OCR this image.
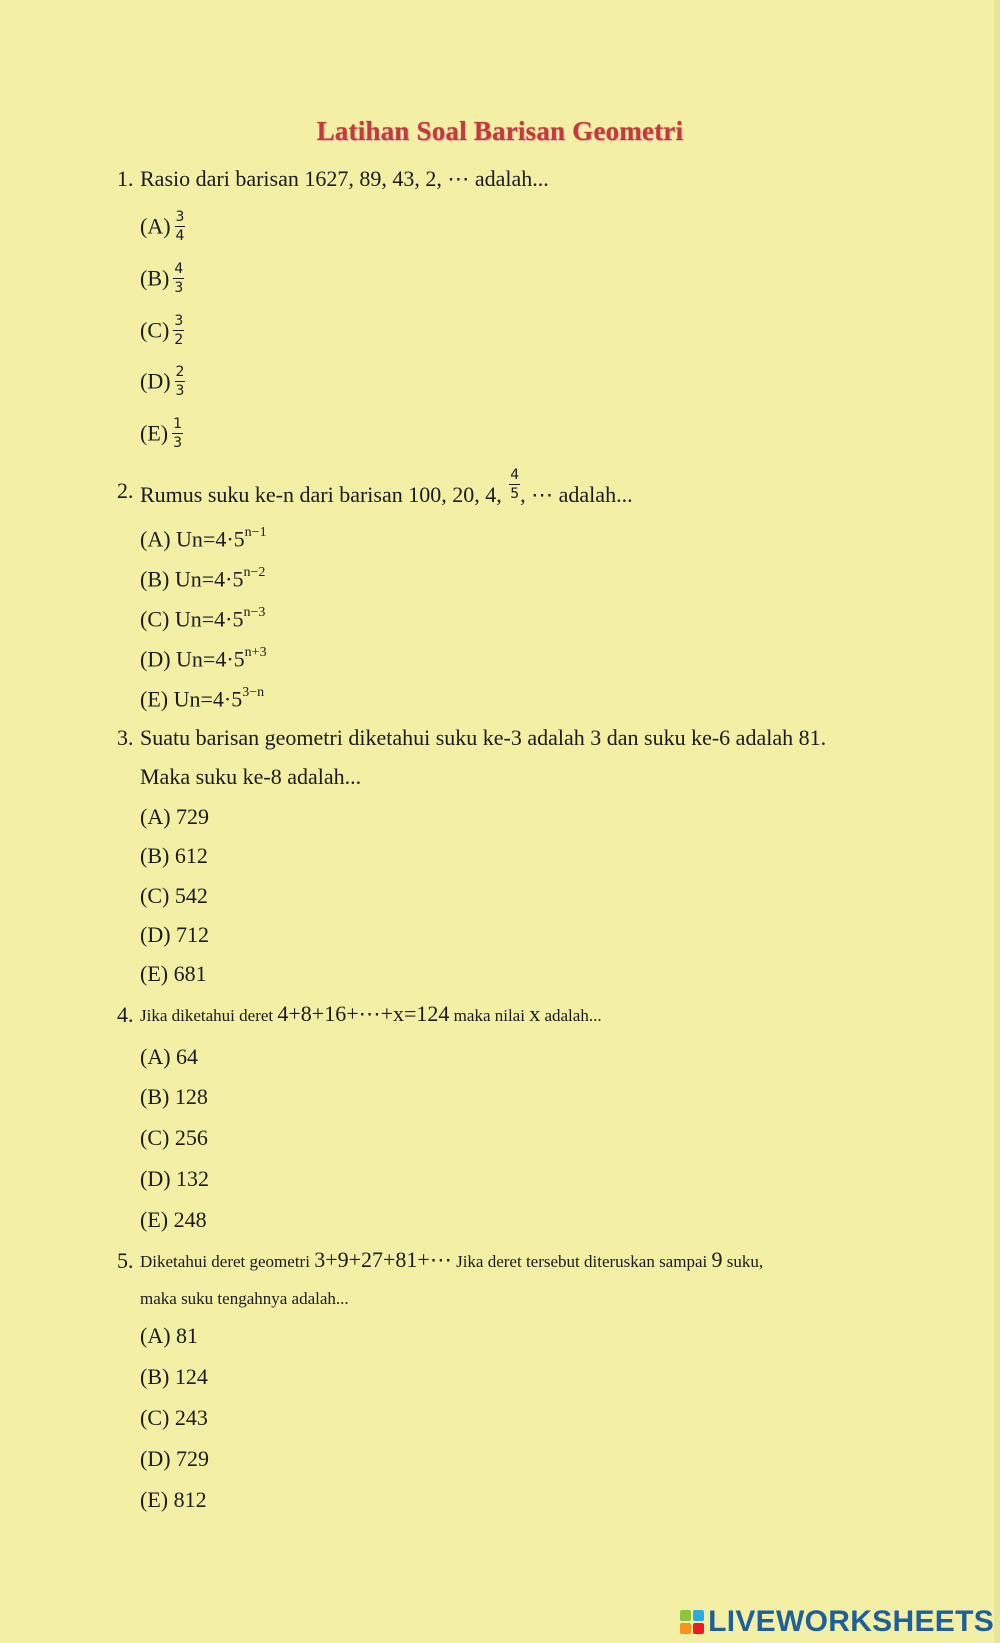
Latihan Soal Barisan Geometri
1. Rasio dari barisan 1627, 89, 43, 2, ⋯ adalah...
$(A) \frac{3}{4}$
$(B) \frac{4}{3}$
$(C) \frac{3}{2}$
$(D) \frac{2}{3}$
$(E) \frac{1}{3}$
2. Rumus suku ke-n dari barisan 100, 20, 4, $\frac{4}{5}$ , ⋯ adalah...
(A) $Un=4\cdot 5^{n-1}$
(B) $Un=4\cdot 5^{n-2}$
(C) $Un=4\cdot 5^{n-3}$
(D) $Un=4\cdot 5^{n+3}$
(E) $Un=4\cdot 5^{3-n}$
3. Suatu barisan geometri diketahui suku ke-3 adalah 3 dan suku ke-6 adalah 81.
Maka suku ke-8 adalah...
(A) 729
(B) 612
(C) 542
(D) 712
(E) 681
4. Jika diketahui deret 4+8+16+⋯+x=124 maka nilai x adalah...
(A) 64
(B) 128
(C) 256
(D) 132
(E) 248
5. Diketahui deret geometri 3+9+27+81+⋯ Jika deret tersebut diteruskan sampai 9 suku,
maka suku tengahnya adalah...
(A) 81
(B) 124
(C) 243
(D) 729
(E) 812
LIVEWORKSHEETS
